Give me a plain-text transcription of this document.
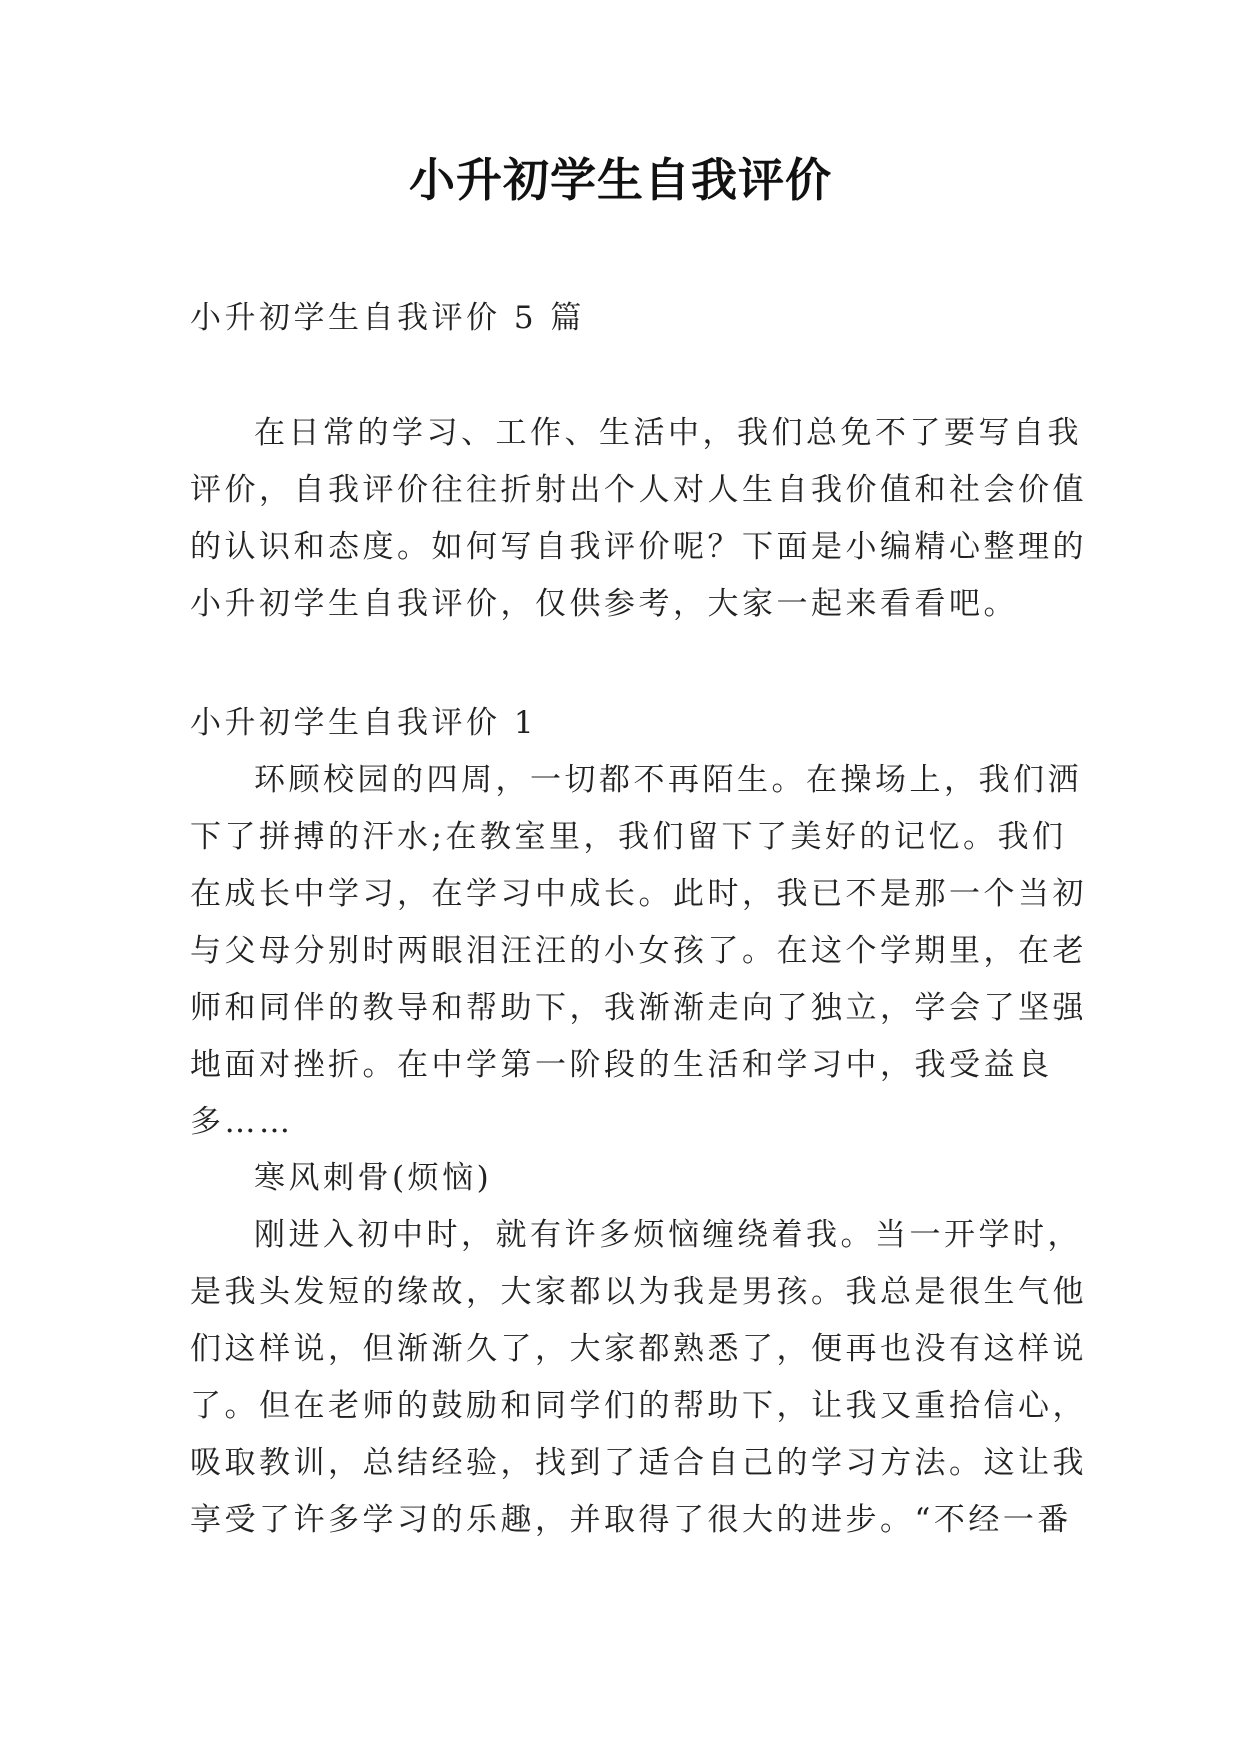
小升初学生自我评价
小升初学生自我评价 5 篇
在日常的学习、工作、生活中，我们总免不了要写自我
评价，自我评价往往折射出个人对人生自我价值和社会价值
的认识和态度。如何写自我评价呢？下面是小编精心整理的
小升初学生自我评价，仅供参考，大家一起来看看吧。
小升初学生自我评价 1
环顾校园的四周，一切都不再陌生。在操场上，我们洒
下了拼搏的汗水;在教室里，我们留下了美好的记忆。我们
在成长中学习，在学习中成长。此时，我已不是那一个当初
与父母分别时两眼泪汪汪的小女孩了。在这个学期里，在老
师和同伴的教导和帮助下，我渐渐走向了独立，学会了坚强
地面对挫折。在中学第一阶段的生活和学习中，我受益良
多……
寒风刺骨(烦恼)
刚进入初中时，就有许多烦恼缠绕着我。当一开学时，
是我头发短的缘故，大家都以为我是男孩。我总是很生气他
们这样说，但渐渐久了，大家都熟悉了，便再也没有这样说
了。但在老师的鼓励和同学们的帮助下，让我又重拾信心，
吸取教训，总结经验，找到了适合自己的学习方法。这让我
享受了许多学习的乐趣，并取得了很大的进步。“不经一番
